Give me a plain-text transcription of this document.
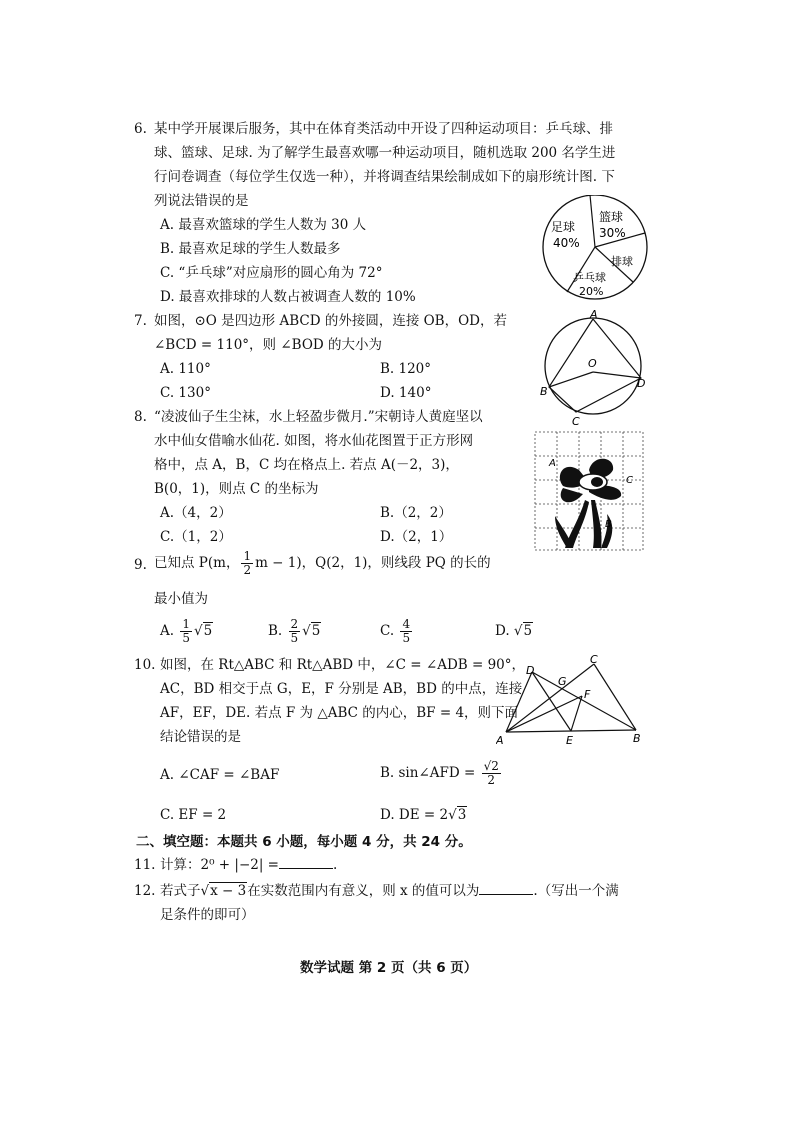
6. 某中学开展课后服务，其中在体育类活动中开设了四种运动项目：乒乓球、排
球、篮球、足球. 为了解学生最喜欢哪一种运动项目，随机选取 200 名学生进
行问卷调查（每位学生仅选一种），并将调查结果绘制成如下的扇形统计图. 下
列说法错误的是
A. 最喜欢篮球的学生人数为 30 人
B. 最喜欢足球的学生人数最多
C. “乒乓球”对应扇形的圆心角为 72°
D. 最喜欢排球的人数占被调查人数的 10%
足球
40%
篮球
30%
排球
乒乓球
20%
7. 如图，⊙O 是四边形 ABCD 的外接圆，连接 OB，OD，若
∠BCD = 110°，则 ∠BOD 的大小为
A. 110°	B. 120°
C. 130°	D. 140°
A
O
B
C
D
8. “凌波仙子生尘袜，水上轻盈步微月.”宋朝诗人黄庭坚以
水中仙女借喻水仙花. 如图，将水仙花图置于正方形网
格中，点 A，B，C 均在格点上. 若点 A(－2，3)，
B(0，1)，则点 C 的坐标为
A.（4，2）	B.（2，2）
C.（1，2）	D.（2，1）
A
C
B
9. 已知点 P(m， $\frac{1}{2}$ m − 1)，Q(2，1)，则线段 PQ 的长的
最小值为
A. $\frac{1}{5} √5$	B. $\frac{2}{5} √5$	C. $\frac{4}{5}$	D. √5
10. 如图，在 Rt△ABC 和 Rt△ABD 中，∠C = ∠ADB = 90°，
AC，BD 相交于点 G，E，F 分别是 AB，BD 的中点，连接
AF，EF，DE. 若点 F 为 △ABC 的内心，BF = 4，则下面
结论错误的是
A. ∠CAF = ∠BAF	B. sin∠AFD = $\frac{√2}{2}$
C. EF = 2	D. DE = 2√3
A	B
C
D
E
F
G
二、填空题：本题共 6 小题，每小题 4 分，共 24 分。
11. 计算：2⁰ + |−2| =	.
12. 若式子√x − 3在实数范围内有意义，则 x 的值可以为	.（写出一个满
足条件的即可）
数学试题 第 2 页（共 6 页）
